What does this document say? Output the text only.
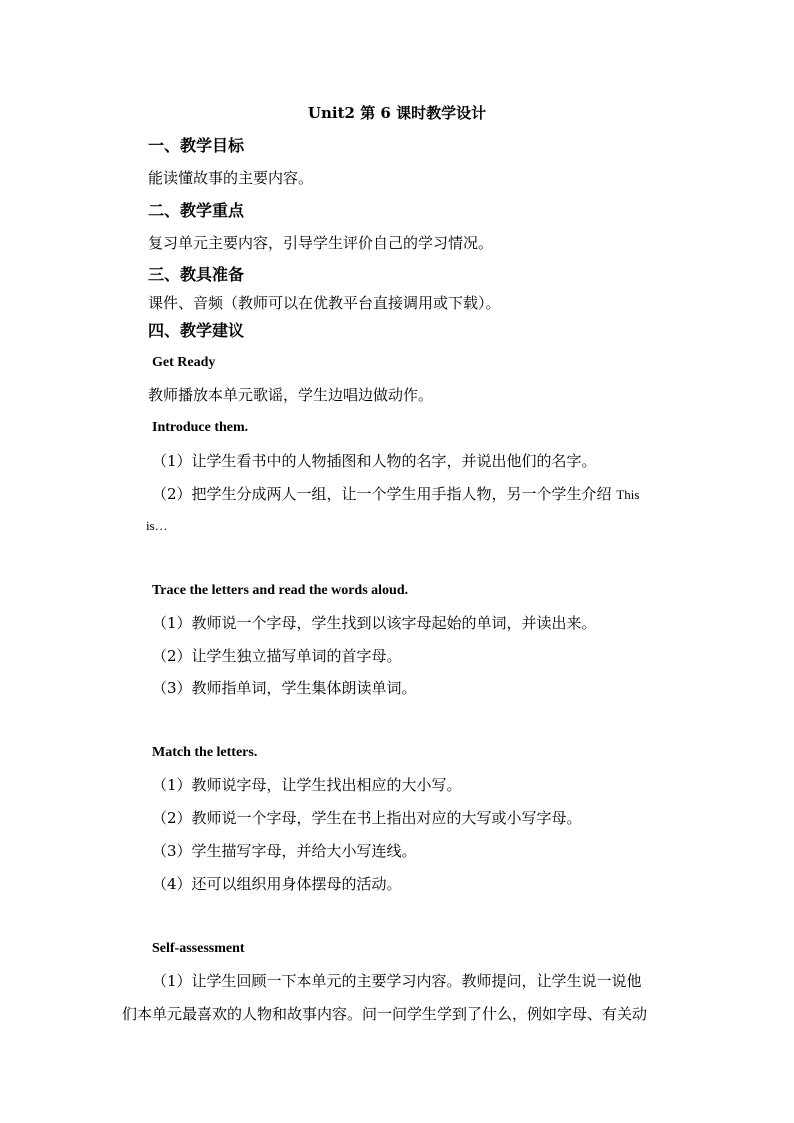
Unit2 第 6 课时教学设计
一、教学目标
能读懂故事的主要内容。
二、教学重点
复习单元主要内容，引导学生评价自己的学习情况。
三、教具准备
课件、音频（教师可以在优教平台直接调用或下载）。
四、教学建议
Get Ready
教师播放本单元歌谣，学生边唱边做动作。
Introduce them.
（1）让学生看书中的人物插图和人物的名字，并说出他们的名字。
（2）把学生分成两人一组，让一个学生用手指人物，另一个学生介绍 This
is…
Trace the letters and read the words aloud.
（1）教师说一个字母，学生找到以该字母起始的单词，并读出来。
（2）让学生独立描写单词的首字母。
（3）教师指单词，学生集体朗读单词。
Match the letters.
（1）教师说字母，让学生找出相应的大小写。
（2）教师说一个字母，学生在书上指出对应的大写或小写字母。
（3）学生描写字母，并给大小写连线。
（4）还可以组织用身体摆母的活动。
Self-assessment
（1）让学生回顾一下本单元的主要学习内容。教师提问，让学生说一说他
们本单元最喜欢的人物和故事内容。问一问学生学到了什么，例如字母、有关动
